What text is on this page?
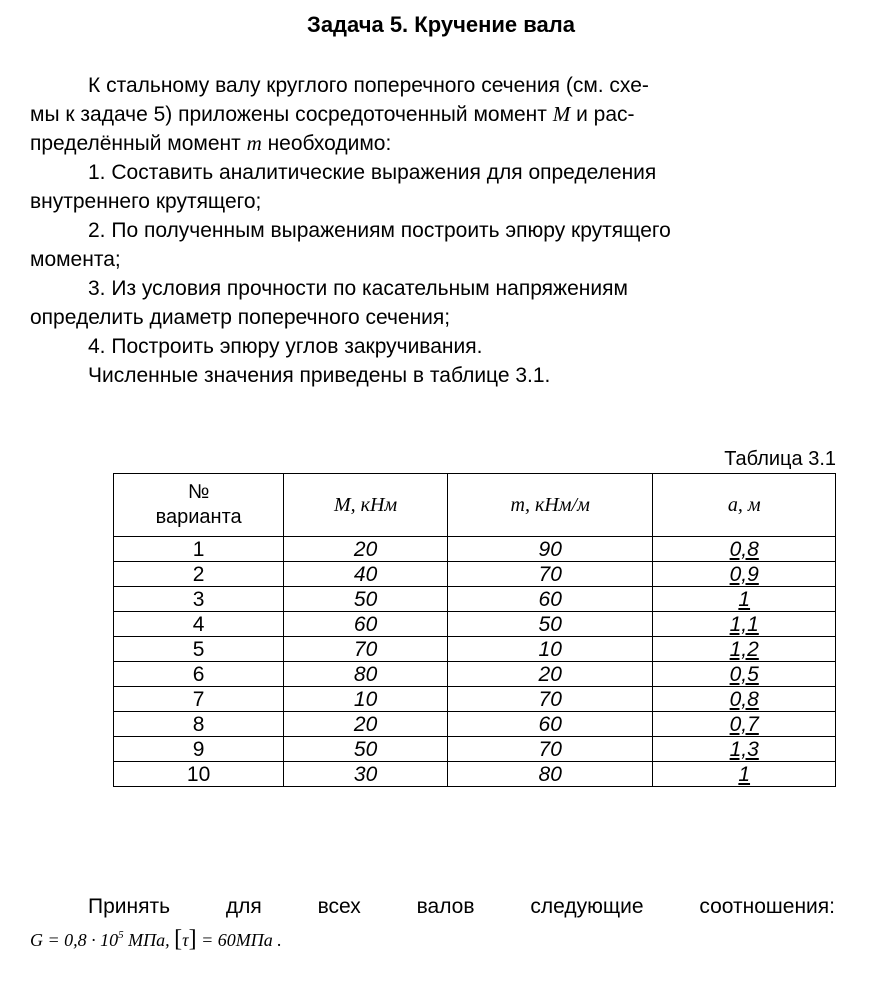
Задача 5. Кручение вала
К стальному валу круглого поперечного сечения (см. схе-
мы к задаче 5) приложены сосредоточенный момент M и рас-
пределённый момент m необходимо:
1. Составить аналитические выражения для определения
внутреннего крутящего;
2. По полученным выражениям построить эпюру крутящего
момента;
3. Из условия прочности по касательным напряжениям
определить диаметр поперечного сечения;
4. Построить эпюру углов закручивания.
Численные значения приведены в таблице 3.1.
Таблица 3.1
№
варианта	M, кНм	m, кНм/м	a, м
1	20	90	0,8
2	40	70	0,9
3	50	60	1
4	60	50	1,1
5	70	10	1,2
6	80	20	0,5
7	10	70	0,8
8	20	60	0,7
9	50	70	1,3
10	30	80	1
Принять	для	всех	валов	следующие	соотношения:
$G = 0,8 \cdot 10^5$ МПа, [τ] = 60МПа .
